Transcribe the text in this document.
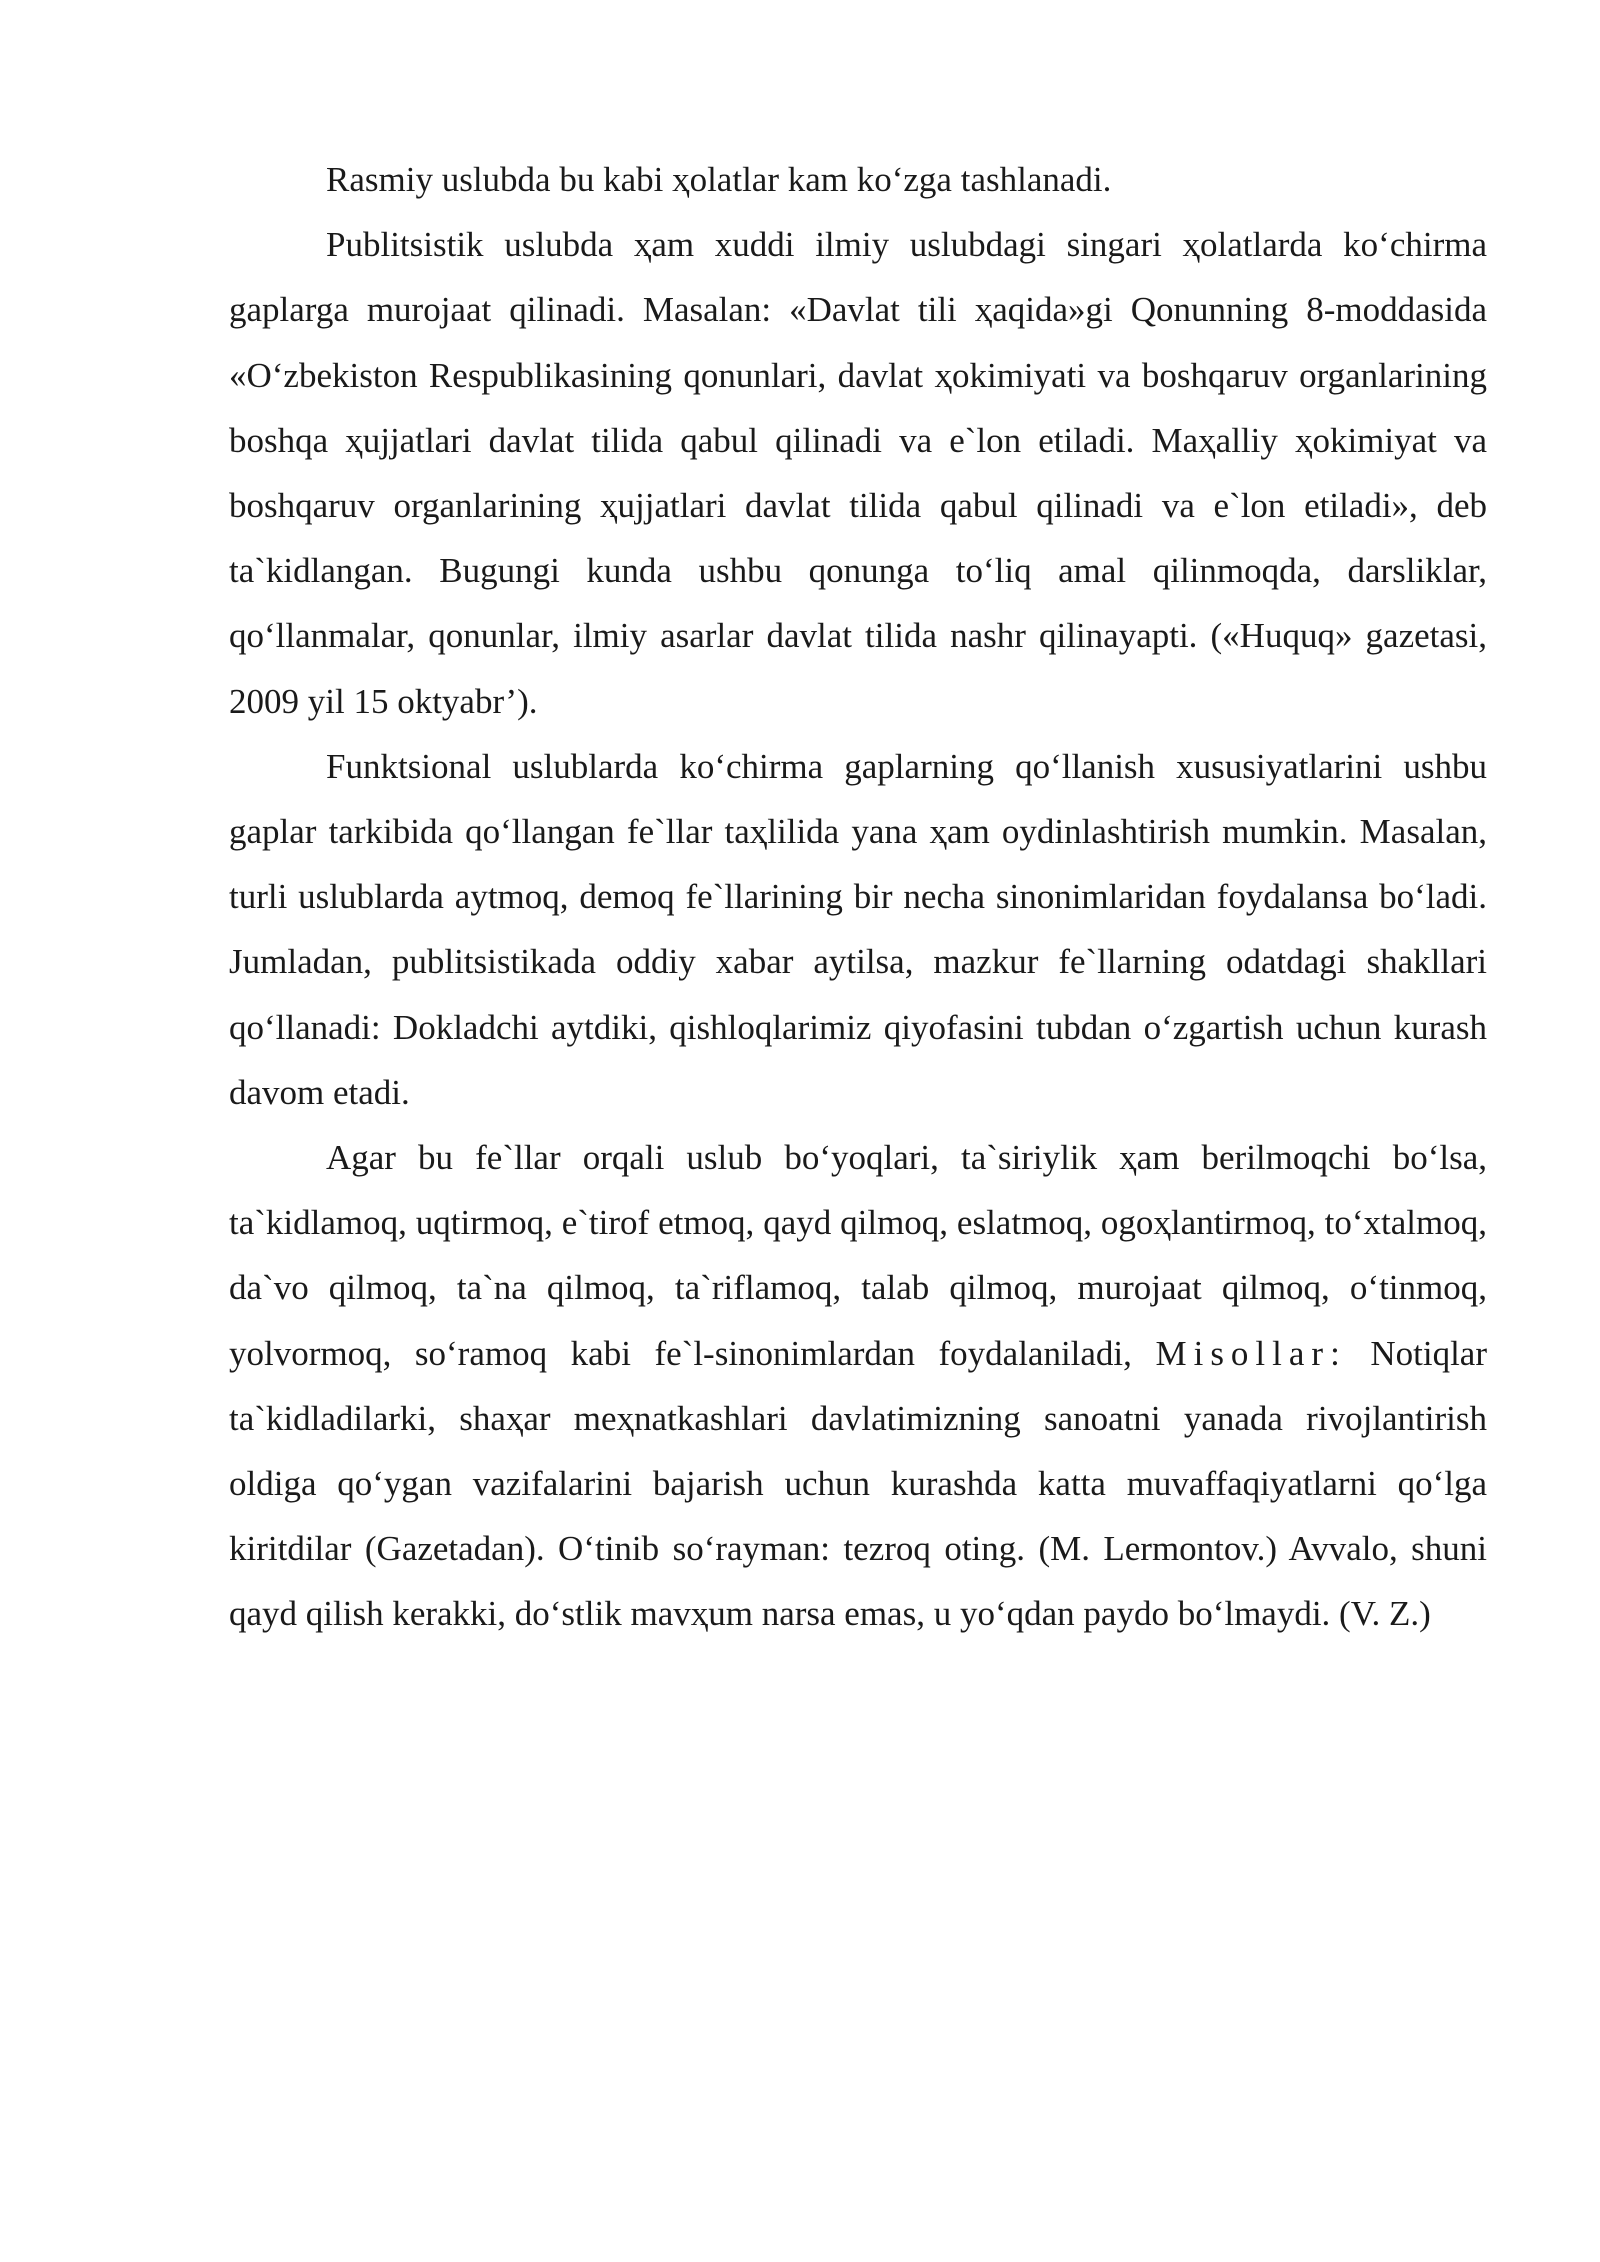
Rasmiy uslubda bu kabi ҳolatlar kam koʻzga tashlanadi.

Publitsistik uslubda ҳam xuddi ilmiy uslubdagi singari ҳolatlarda koʻchirma gaplarga murojaat qilinadi. Masalan: «Davlat tili ҳaqida»gi Qonunning 8-moddasida «Oʻzbekiston Respublikasining qonunlari, davlat ҳokimiyati va boshqaruv organlarining boshqa ҳujjatlari davlat tilida qabul qilinadi va e`lon etiladi. Maҳalliy ҳokimiyat va boshqaruv organlarining ҳujjatlari davlat tilida qabul qilinadi va e`lon etiladi», deb ta`kidlangan. Bugungi kunda ushbu qonunga toʻliq amal qilinmoqda, darsliklar, qoʻllanmalar, qonunlar, ilmiy asarlar davlat tilida nashr qilinayapti. («Huquq» gazetasi, 2009 yil 15 oktyabr’).

Funktsional uslublarda koʻchirma gaplarning qoʻllanish xususiyatlarini ushbu gaplar tarkibida qoʻllangan fe`llar taҳlilida yana ҳam oydinlashtirish mumkin. Masalan, turli uslublarda aytmoq, demoq fe`llarining bir necha sinonimlaridan foydalansa boʻladi. Jumladan, publitsistikada oddiy xabar aytilsa, mazkur fe`llarning odatdagi shakllari qoʻllanadi: Dokladchi aytdiki, qishloqlarimiz qiyofasini tubdan oʻzgartish uchun kurash davom etadi.

Agar bu fe`llar orqali uslub boʻyoqlari, ta`siriylik ҳam berilmoqchi boʻlsa, ta`kidlamoq, uqtirmoq, e`tirof etmoq, qayd qilmoq, eslatmoq, ogoҳlantirmoq, toʻxtalmoq, da`vo qilmoq, ta`na qilmoq, ta`riflamoq, talab qilmoq, murojaat qilmoq, oʻtinmoq, yolvormoq, soʻramoq kabi fe`l-sinonimlardan foydalaniladi, Misollar: Notiqlar ta`kidladilarki, shaҳar meҳnatkashlari davlatimizning sanoatni yanada rivojlantirish oldiga qoʻygan vazifalarini bajarish uchun kurashda katta muvaffaqiyatlarni qoʻlga kiritdilar (Gazetadan). Oʻtinib soʻrayman: tezroq oting. (M. Lermontov.) Avvalo, shuni qayd qilish kerakki, doʻstlik mavҳum narsa emas, u yoʻqdan paydo boʻlmaydi. (V. Z.)
